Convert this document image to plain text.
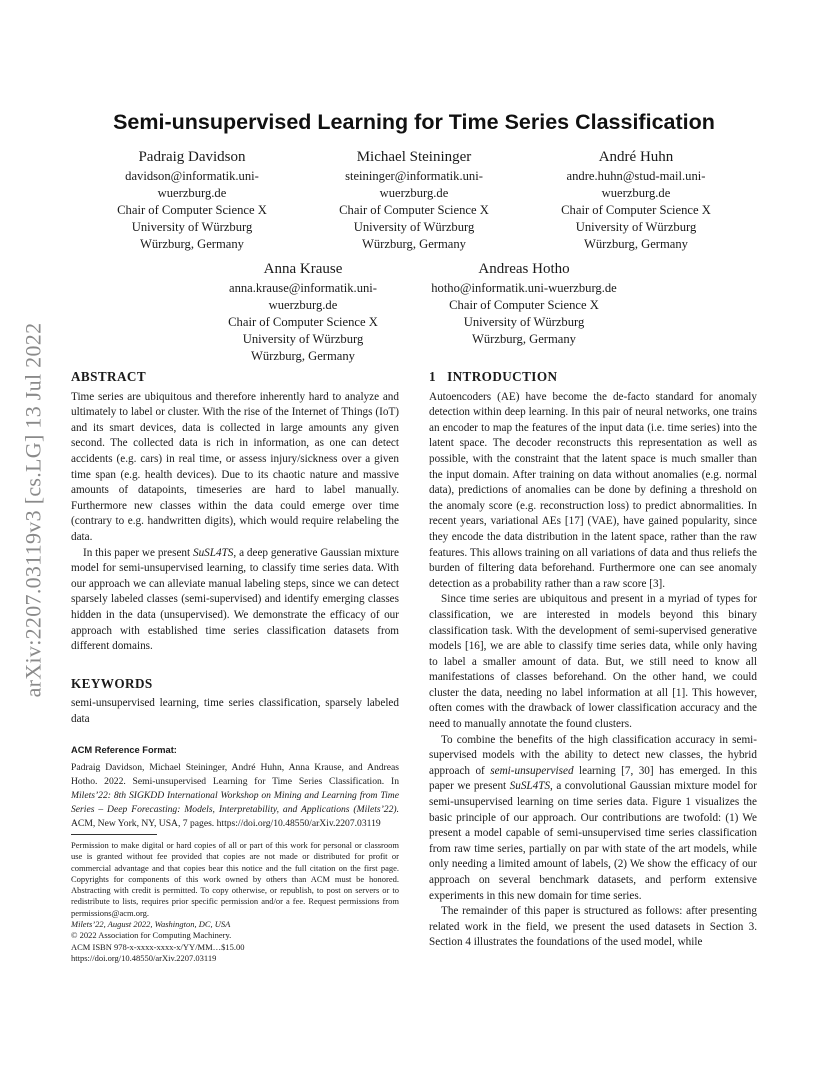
arXiv:2207.03119v3 [cs.LG] 13 Jul 2022
Semi-unsupervised Learning for Time Series Classification
Padraig Davidson
davidson@informatik.uni-
wuerzburg.de
Chair of Computer Science X
University of Würzburg
Würzburg, Germany
Michael Steininger
steininger@informatik.uni-
wuerzburg.de
Chair of Computer Science X
University of Würzburg
Würzburg, Germany
André Huhn
andre.huhn@stud-mail.uni-
wuerzburg.de
Chair of Computer Science X
University of Würzburg
Würzburg, Germany
Anna Krause
anna.krause@informatik.uni-
wuerzburg.de
Chair of Computer Science X
University of Würzburg
Würzburg, Germany
Andreas Hotho
hotho@informatik.uni-wuerzburg.de
Chair of Computer Science X
University of Würzburg
Würzburg, Germany
ABSTRACT

Time series are ubiquitous and therefore inherently hard to analyze and ultimately to label or cluster. With the rise of the Internet of Things (IoT) and its smart devices, data is collected in large amounts any given second. The collected data is rich in information, as one can detect accidents (e.g. cars) in real time, or assess injury/sickness over a given time span (e.g. health devices). Due to its chaotic nature and massive amounts of datapoints, timeseries are hard to label manually. Furthermore new classes within the data could emerge over time (contrary to e.g. handwritten digits), which would require relabeling the data.

In this paper we present SuSL4TS, a deep generative Gaussian mixture model for semi-unsupervised learning, to classify time series data. With our approach we can alleviate manual labeling steps, since we can detect sparsely labeled classes (semi-supervised) and identify emerging classes hidden in the data (unsupervised). We demonstrate the efficacy of our approach with established time series classification datasets from different domains.

KEYWORDS

semi-unsupervised learning, time series classification, sparsely labeled data

ACM Reference Format:

Padraig Davidson, Michael Steininger, André Huhn, Anna Krause, and Andreas Hotho. 2022. Semi-unsupervised Learning for Time Series Classification. In Milets’22: 8th SIGKDD International Workshop on Mining and Learning from Time Series – Deep Forecasting: Models, Interpretability, and Applications (Milets’22). ACM, New York, NY, USA, 7 pages. https://doi.org/10.48550/arXiv.2207.03119

Permission to make digital or hard copies of all or part of this work for personal or classroom use is granted without fee provided that copies are not made or distributed for profit or commercial advantage and that copies bear this notice and the full citation on the first page. Copyrights for components of this work owned by others than ACM must be honored. Abstracting with credit is permitted. To copy otherwise, or republish, to post on servers or to redistribute to lists, requires prior specific permission and/or a fee. Request permissions from permissions@acm.org.

Milets’22, August 2022, Washington, DC, USA

© 2022 Association for Computing Machinery.

ACM ISBN 978-x-xxxx-xxxx-x/YY/MM…$15.00

https://doi.org/10.48550/arXiv.2207.03119

1   INTRODUCTION

Autoencoders (AE) have become the de-facto standard for anomaly detection within deep learning. In this pair of neural networks, one trains an encoder to map the features of the input data (i.e. time series) into the latent space. The decoder reconstructs this representation as well as possible, with the constraint that the latent space is much smaller than the input domain. After training on data without anomalies (e.g. normal data), predictions of anomalies can be done by defining a threshold on the anomaly score (e.g. reconstruction loss) to predict abnormalities. In recent years, variational AEs [17] (VAE), have gained popularity, since they encode the data distribution in the latent space, rather than the raw features. This allows training on all variations of data and thus reliefs the burden of filtering data beforehand. Furthermore one can see anomaly detection as a probability rather than a raw score [3].

Since time series are ubiquitous and present in a myriad of types for classification, we are interested in models beyond this binary classification task. With the development of semi-supervised generative models [16], we are able to classify time series data, while only having to label a smaller amount of data. But, we still need to know all manifestations of classes beforehand. On the other hand, we could cluster the data, needing no label information at all [1]. This however, often comes with the drawback of lower classification accuracy and the need to manually annotate the found clusters.

To combine the benefits of the high classification accuracy in semi-supervised models with the ability to detect new classes, the hybrid approach of semi-unsupervised learning [7, 30] has emerged. In this paper we present SuSL4TS, a convolutional Gaussian mixture model for semi-unsupervised learning on time series data. Figure 1 visualizes the basic principle of our approach. Our contributions are twofold: (1) We present a model capable of semi-unsupervised time series classification from raw time series, partially on par with state of the art models, while only needing a limited amount of labels, (2) We show the efficacy of our approach on several benchmark datasets, and perform extensive experiments in this new domain for time series.

The remainder of this paper is structured as follows: after presenting related work in the field, we present the used datasets in Section 3. Section 4 illustrates the foundations of the used model, while
